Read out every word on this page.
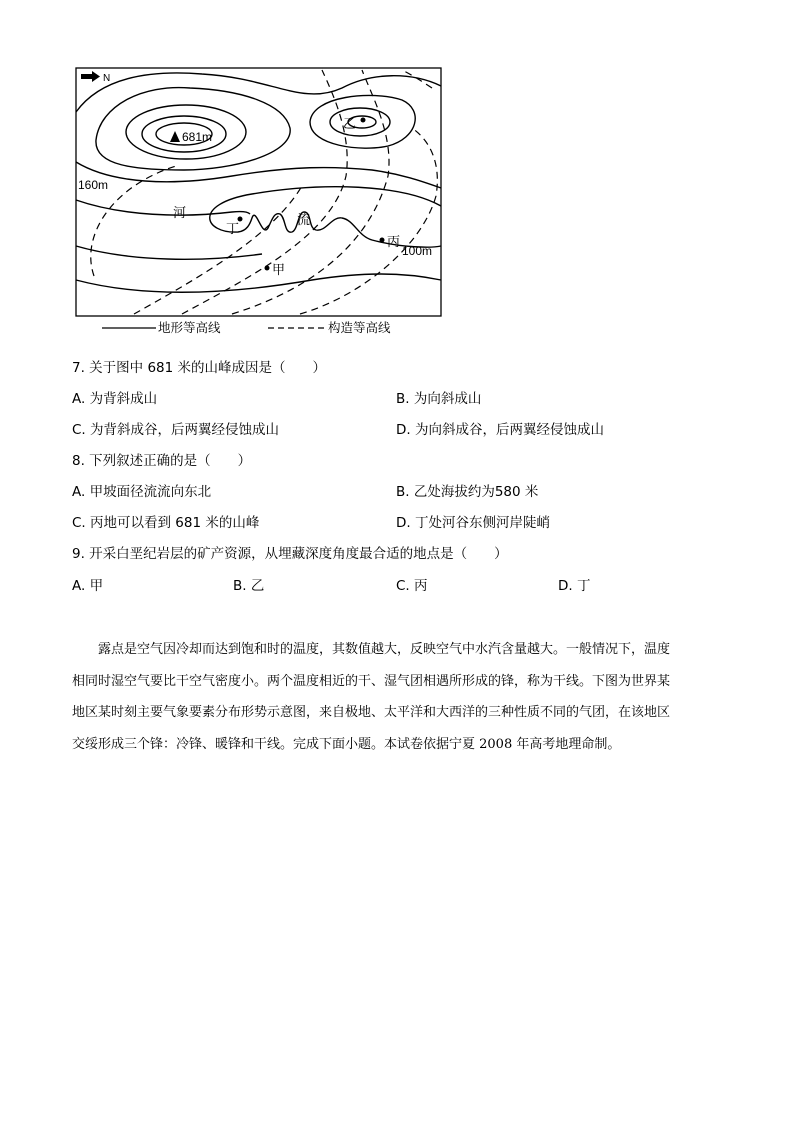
N
681m
乙
160m
河
丁
流
丙
100m
甲
地形等高线	构造等高线
7. 关于图中 681 米的山峰成因是（　　）
A. 为背斜成山	B. 为向斜成山
C. 为背斜成谷，后两翼经侵蚀成山	D. 为向斜成谷，后两翼经侵蚀成山
8. 下列叙述正确的是（　　）
A. 甲坡面径流流向东北	B. 乙处海拔约为580 米
C. 丙地可以看到 681 米的山峰	D. 丁处河谷东侧河岸陡峭
9. 开采白垩纪岩层的矿产资源，从埋藏深度角度最合适的地点是（　　）
A. 甲	B. 乙	C. 丙	D. 丁
露点是空气因冷却而达到饱和时的温度，其数值越大，反映空气中水汽含量越大。一般情况下，温度
相同时湿空气要比干空气密度小。两个温度相近的干、湿气团相遇所形成的锋，称为干线。下图为世界某
地区某时刻主要气象要素分布形势示意图，来自极地、太平洋和大西洋的三种性质不同的气团，在该地区
交绥形成三个锋：冷锋、暖锋和干线。完成下面小题。本试卷依据宁夏 2008 年高考地理命制。
